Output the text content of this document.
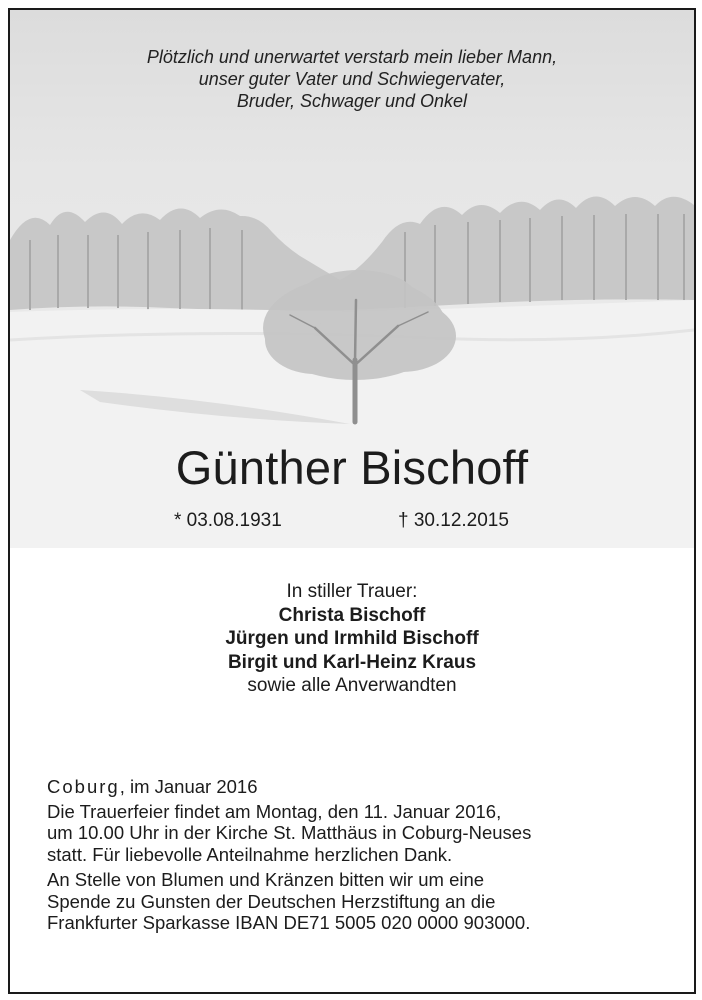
Plötzlich und unerwartet verstarb mein lieber Mann,
unser guter Vater und Schwiegervater,
Bruder, Schwager und Onkel
Günther Bischoff
* 03.08.1931	† 30.12.2015
In stiller Trauer:
Christa Bischoff
Jürgen und Irmhild Bischoff
Birgit und Karl-Heinz Kraus
sowie alle Anverwandten
Coburg, im Januar 2016
Die Trauerfeier findet am Montag, den 11. Januar 2016,
um 10.00 Uhr in der Kirche St. Matthäus in Coburg-Neuses
statt. Für liebevolle Anteilnahme herzlichen Dank.
An Stelle von Blumen und Kränzen bitten wir um eine
Spende zu Gunsten der Deutschen Herzstiftung an die
Frankfurter Sparkasse IBAN DE71 5005 020 0000 903000.
